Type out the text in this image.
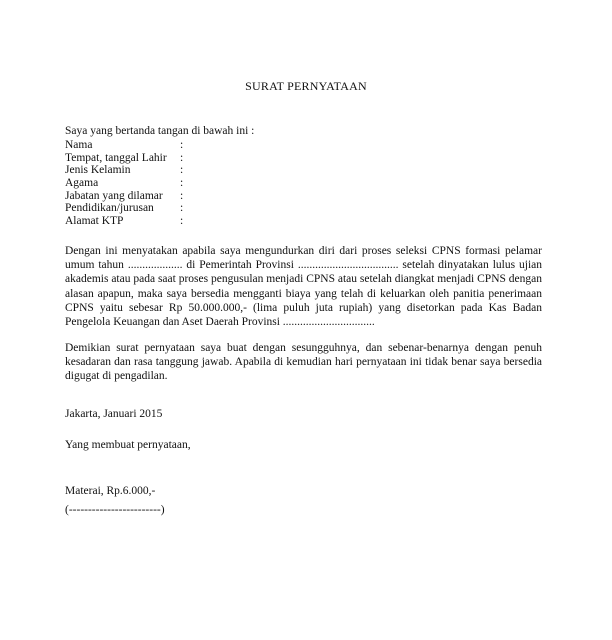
SURAT PERNYATAAN
Saya yang bertanda tangan di bawah ini :
Nama	:
Tempat, tanggal Lahir :
Jenis Kelamin	:
Agama	:
Jabatan yang dilamar :
Pendidikan/jurusan :
Alamat KTP	:
Dengan ini menyatakan apabila saya mengundurkan diri dari proses seleksi CPNS formasi pelamar umum tahun ................... di Pemerintah Provinsi ................................... setelah dinyatakan lulus ujian akademis atau pada saat proses pengusulan menjadi CPNS atau setelah diangkat menjadi CPNS dengan alasan apapun, maka saya bersedia mengganti biaya yang telah di keluarkan oleh panitia penerimaan CPNS yaitu sebesar Rp 50.000.000,- (lima puluh juta rupiah) yang disetorkan pada Kas Badan Pengelola Keuangan dan Aset Daerah Provinsi ................................
Demikian surat pernyataan saya buat dengan sesungguhnya, dan sebenar-benarnya dengan penuh kesadaran dan rasa tanggung jawab. Apabila di kemudian hari pernyataan ini tidak benar saya bersedia digugat di pengadilan.
Jakarta, Januari 2015
Yang membuat pernyataan,
Materai, Rp.6.000,-
(------------------------)
